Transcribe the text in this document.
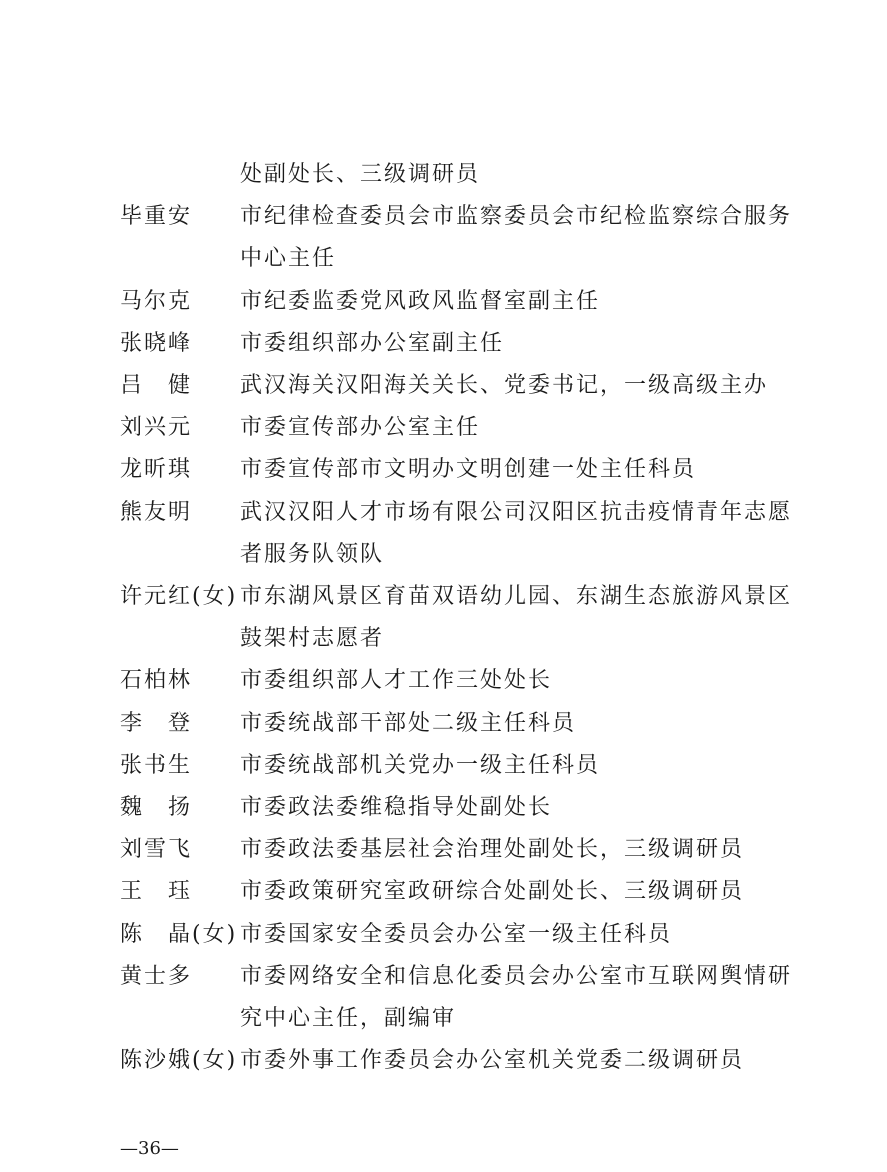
处副处长、三级调研员
毕重安 市纪律检查委员会市监察委员会市纪检监察综合服务
中心主任
马尔克 市纪委监委党风政风监督室副主任
张晓峰 市委组织部办公室副主任
吕　健 武汉海关汉阳海关关长、党委书记，一级高级主办
刘兴元 市委宣传部办公室主任
龙昕琪 市委宣传部市文明办文明创建一处主任科员
熊友明 武汉汉阳人才市场有限公司汉阳区抗击疫情青年志愿
者服务队领队
许元红(女) 市东湖风景区育苗双语幼儿园、东湖生态旅游风景区
鼓架村志愿者
石柏林 市委组织部人才工作三处处长
李　登 市委统战部干部处二级主任科员
张书生 市委统战部机关党办一级主任科员
魏　扬 市委政法委维稳指导处副处长
刘雪飞 市委政法委基层社会治理处副处长，三级调研员
王　珏 市委政策研究室政研综合处副处长、三级调研员
陈　晶(女) 市委国家安全委员会办公室一级主任科员
黄士多 市委网络安全和信息化委员会办公室市互联网舆情研
究中心主任，副编审
陈沙娥(女) 市委外事工作委员会办公室机关党委二级调研员
—36—
